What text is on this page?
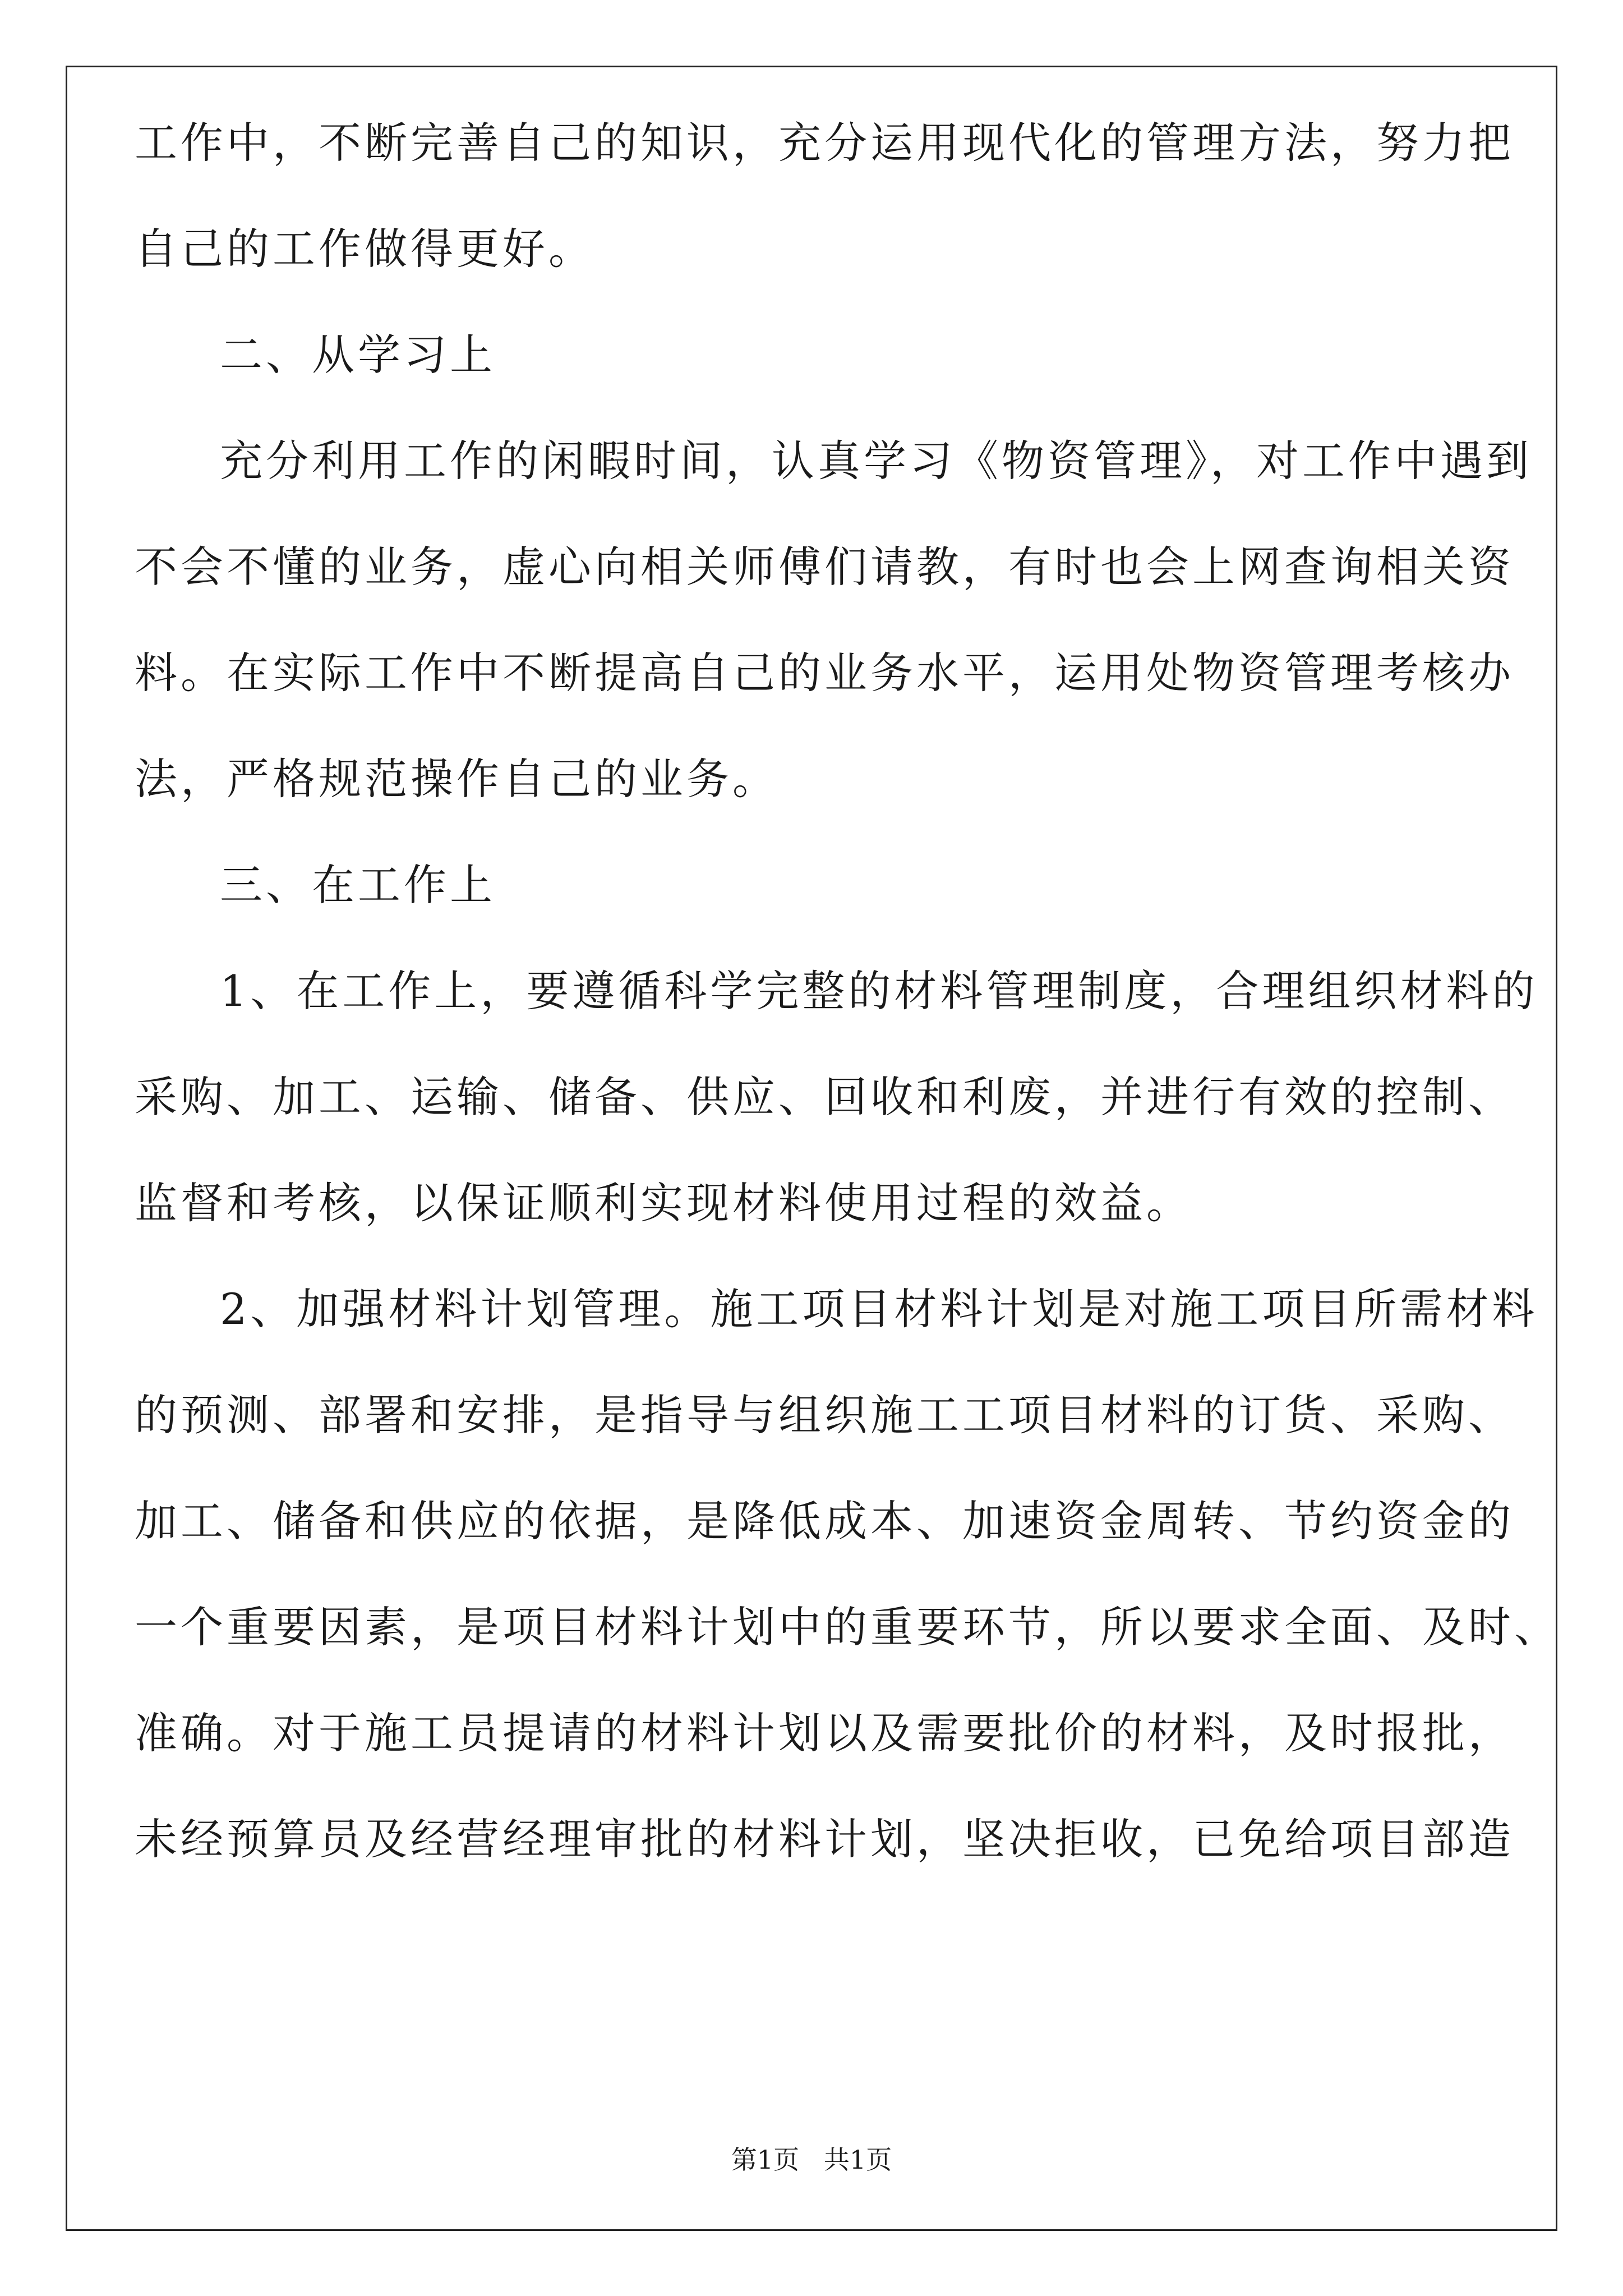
工作中，不断完善自己的知识，充分运用现代化的管理方法，努力把

自己的工作做得更好。

二、从学习上

充分利用工作的闲暇时间，认真学习《物资管理》，对工作中遇到

不会不懂的业务，虚心向相关师傅们请教，有时也会上网查询相关资

料。在实际工作中不断提高自己的业务水平，运用处物资管理考核办

法，严格规范操作自己的业务。

三、在工作上

1、在工作上，要遵循科学完整的材料管理制度，合理组织材料的

采购、加工、运输、储备、供应、回收和利废，并进行有效的控制、

监督和考核，以保证顺利实现材料使用过程的效益。

2、加强材料计划管理。施工项目材料计划是对施工项目所需材料

的预测、部署和安排，是指导与组织施工工项目材料的订货、采购、

加工、储备和供应的依据，是降低成本、加速资金周转、节约资金的

一个重要因素，是项目材料计划中的重要环节，所以要求全面、及时、

准确。对于施工员提请的材料计划以及需要批价的材料，及时报批，

未经预算员及经营经理审批的材料计划，坚决拒收，已免给项目部造

第1页   共1页
